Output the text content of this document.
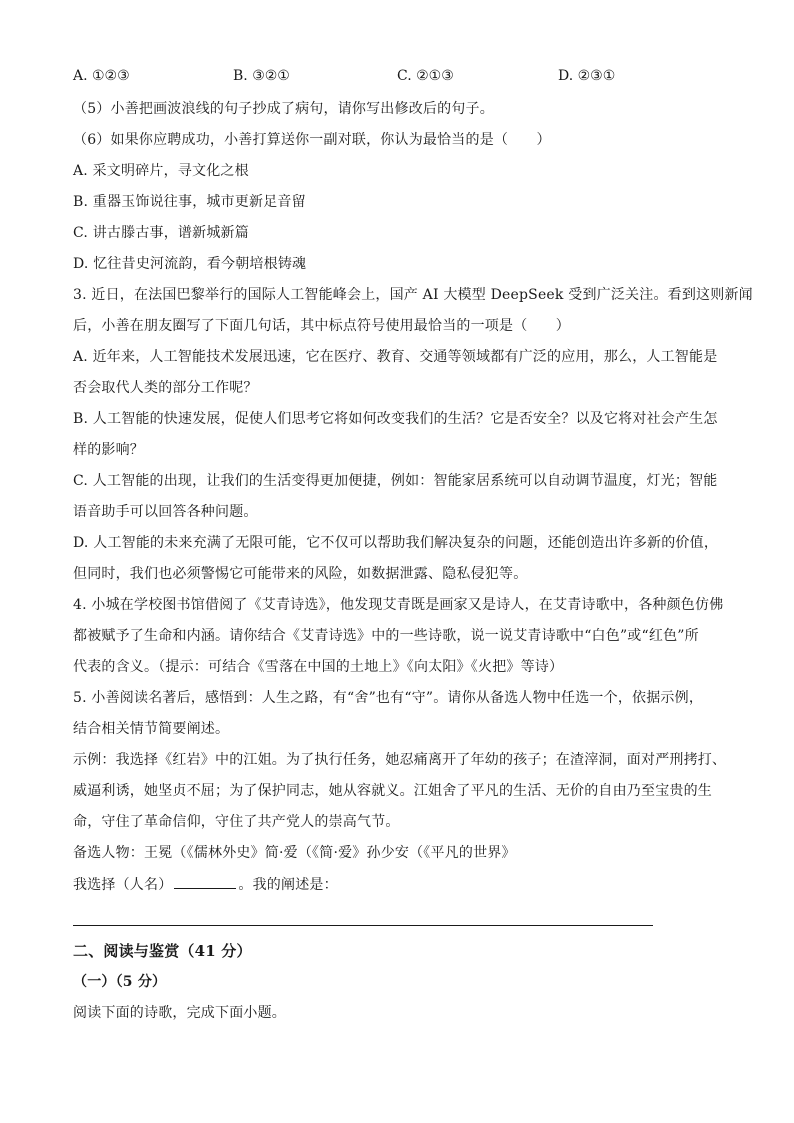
A. ①②③	B. ③②①	C. ②①③	D. ②③①
（5）小善把画波浪线的句子抄成了病句，请你写出修改后的句子。
（6）如果你应聘成功，小善打算送你一副对联，你认为最恰当的是（　　）
A. 采文明碎片，寻文化之根
B. 重器玉饰说往事，城市更新足音留
C. 讲古滕古事，谱新城新篇
D. 忆往昔史河流韵，看今朝培根铸魂
3. 近日，在法国巴黎举行的国际人工智能峰会上，国产 AI 大模型 DeepSeek 受到广泛关注。看到这则新闻
后，小善在朋友圈写了下面几句话，其中标点符号使用最恰当的一项是（　　）
A. 近年来，人工智能技术发展迅速，它在医疗、教育、交通等领域都有广泛的应用，那么，人工智能是
否会取代人类的部分工作呢？
B. 人工智能的快速发展，促使人们思考它将如何改变我们的生活？它是否安全？以及它将对社会产生怎
样的影响？
C. 人工智能的出现，让我们的生活变得更加便捷，例如：智能家居系统可以自动调节温度，灯光；智能
语音助手可以回答各种问题。
D. 人工智能的未来充满了无限可能，它不仅可以帮助我们解决复杂的问题，还能创造出许多新的价值，
但同时，我们也必须警惕它可能带来的风险，如数据泄露、隐私侵犯等。
4. 小城在学校图书馆借阅了《艾青诗选》，他发现艾青既是画家又是诗人，在艾青诗歌中，各种颜色仿佛
都被赋予了生命和内涵。请你结合《艾青诗选》中的一些诗歌，说一说艾青诗歌中“白色”或“红色”所
代表的含义。（提示：可结合《雪落在中国的土地上》《向太阳》《火把》等诗）
5. 小善阅读名著后，感悟到：人生之路，有“舍”也有“守”。请你从备选人物中任选一个，依据示例，
结合相关情节简要阐述。
示例：我选择《红岩》中的江姐。为了执行任务，她忍痛离开了年幼的孩子；在渣滓洞，面对严刑拷打、
威逼利诱，她坚贞不屈；为了保护同志，她从容就义。江姐舍了平凡的生活、无价的自由乃至宝贵的生
命，守住了革命信仰，守住了共产党人的崇高气节。
备选人物：王冕（《儒林外史》简·爱（《简·爱》孙少安（《平凡的世界》
我选择（人名）	。我的阐述是：
二、阅读与鉴赏（41 分）
（一）（5 分）
阅读下面的诗歌，完成下面小题。
